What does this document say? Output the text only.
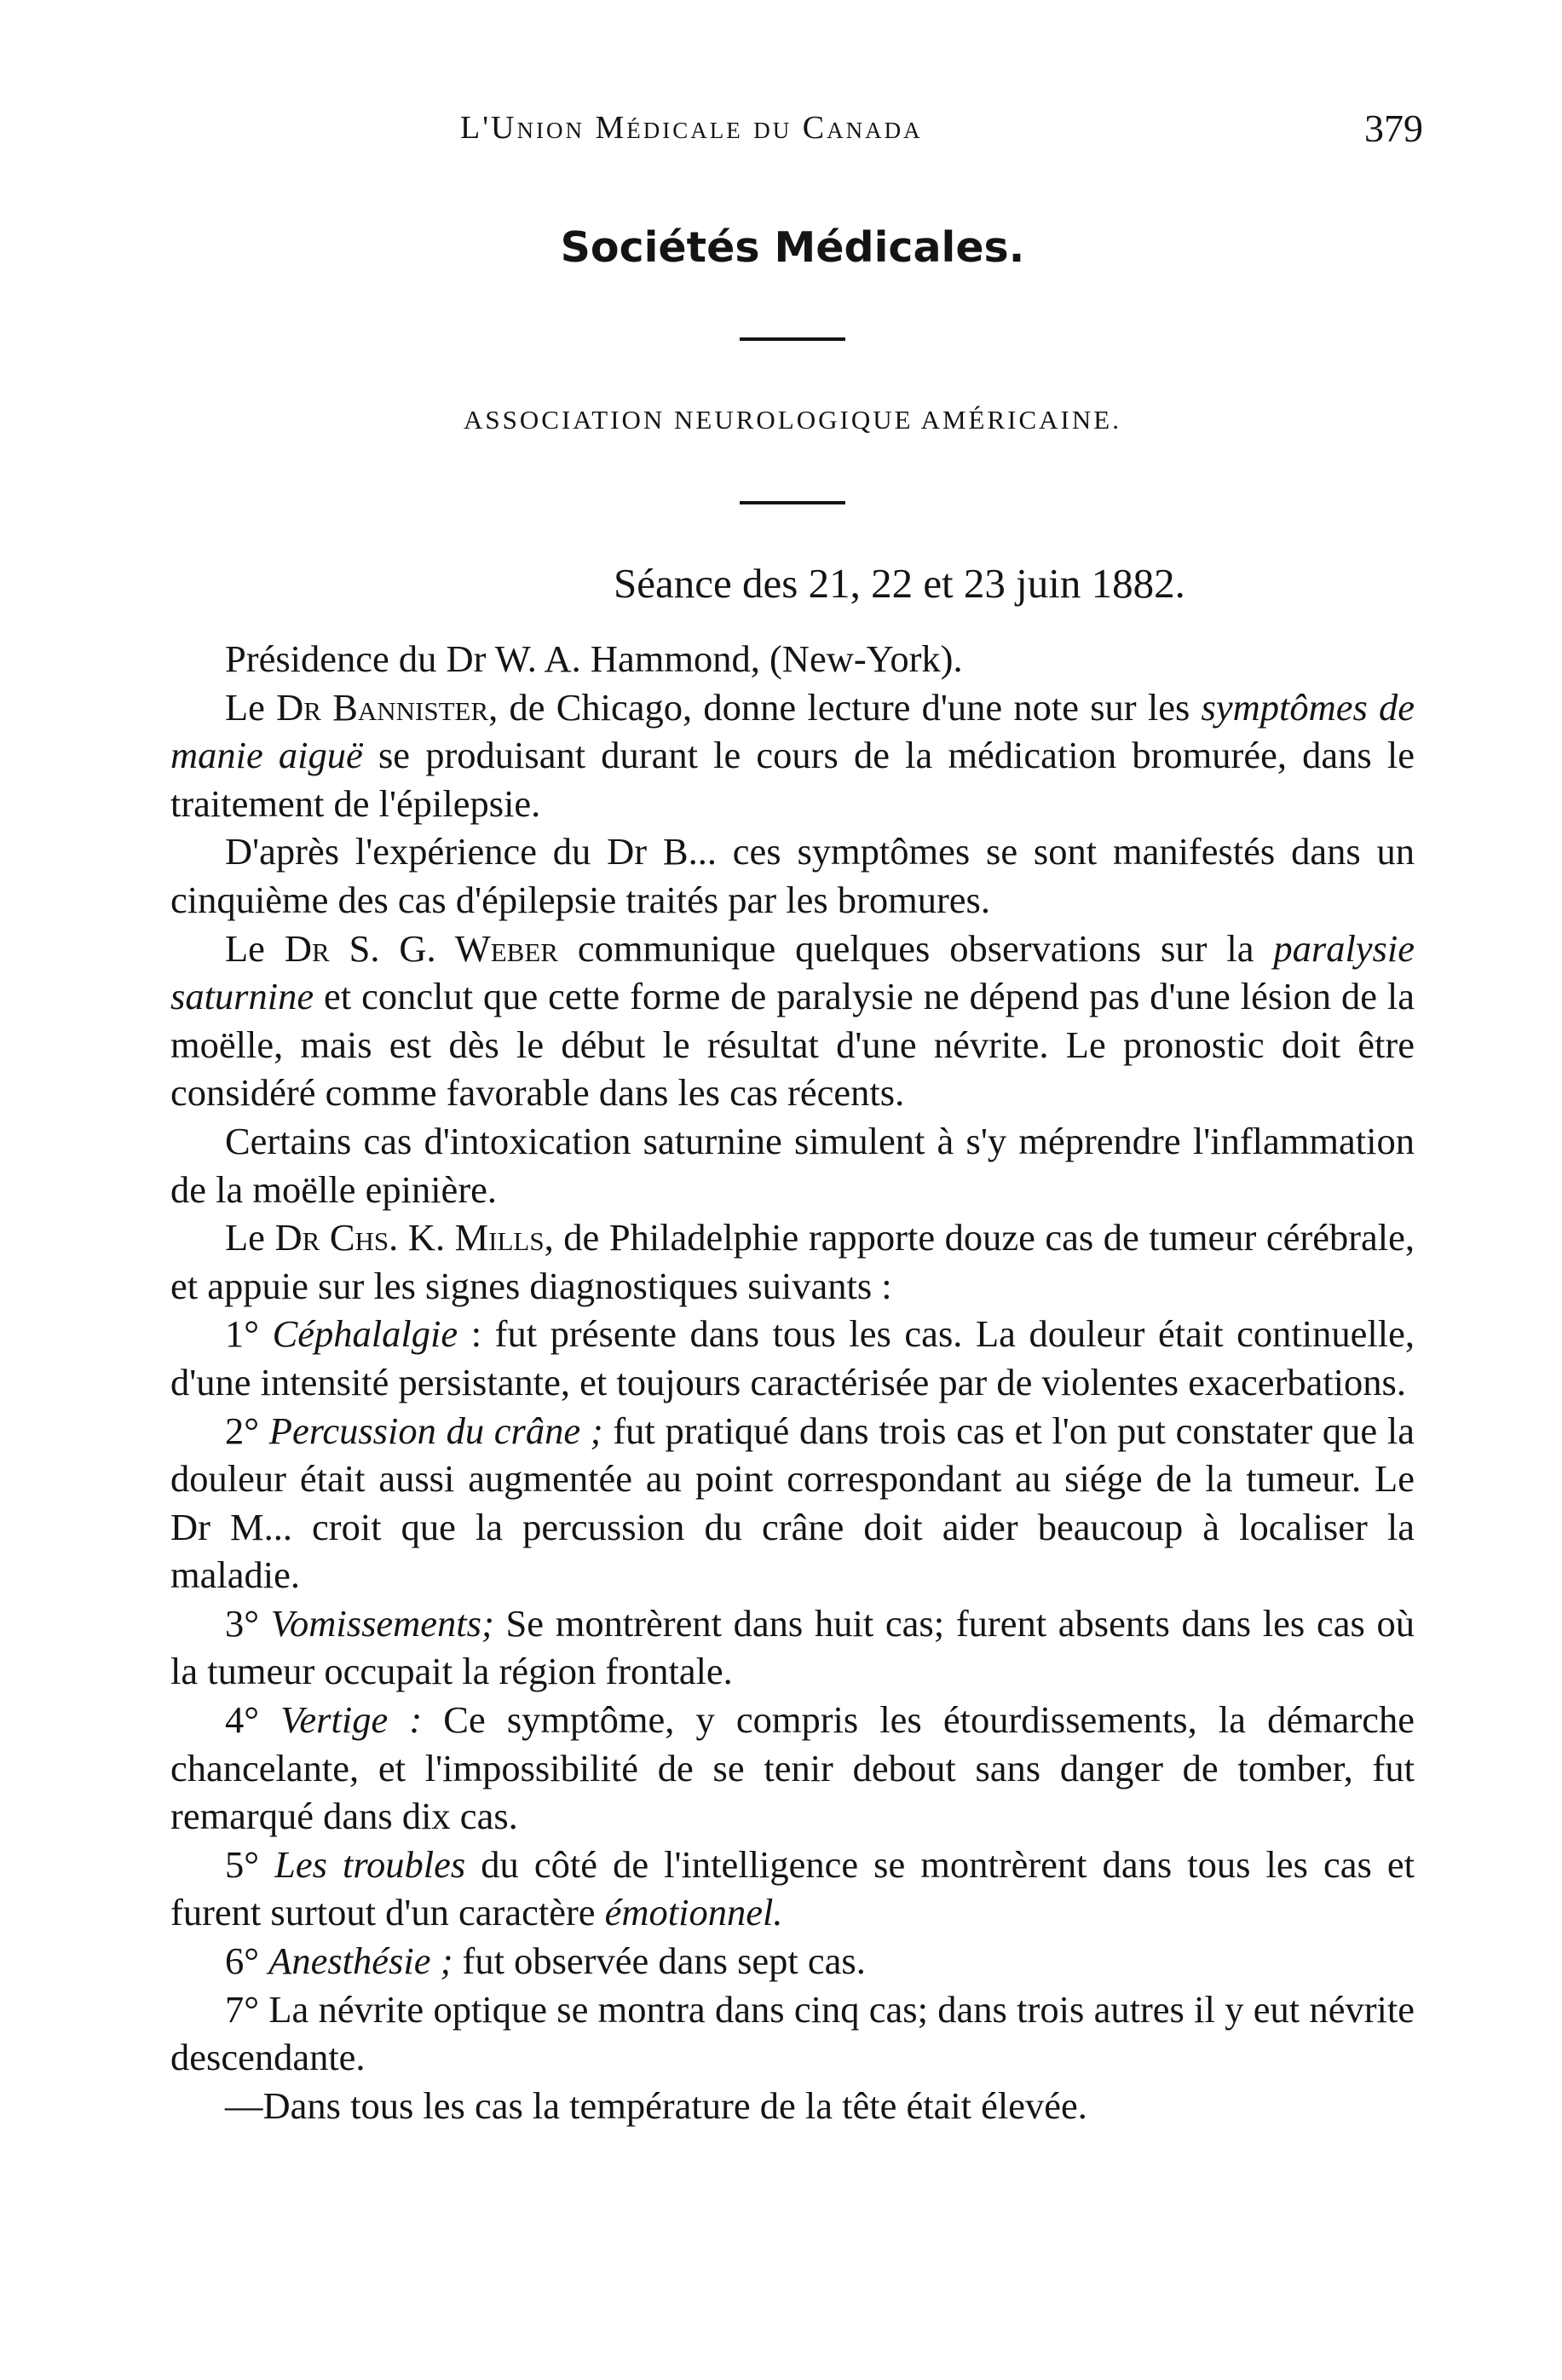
L'Union Médicale du Canada	379
Sociétés Médicales.
ASSOCIATION NEUROLOGIQUE AMÉRICAINE.
Séance des 21, 22 et 23 juin 1882.

Présidence du Dr W. A. Hammond, (New-York).

Le Dr Bannister, de Chicago, donne lecture d'une note sur les symptômes de manie aiguë se produisant durant le cours de la médication bromurée, dans le traitement de l'épilepsie.

D'après l'expérience du Dr B... ces symptômes se sont manifestés dans un cinquième des cas d'épilepsie traités par les bromures.

Le Dr S. G. Weber communique quelques observations sur la paralysie saturnine et conclut que cette forme de paralysie ne dépend pas d'une lésion de la moëlle, mais est dès le début le résultat d'une névrite. Le pronostic doit être considéré comme favorable dans les cas récents.

Certains cas d'intoxication saturnine simulent à s'y méprendre l'inflammation de la moëlle epinière.

Le Dr Chs. K. Mills, de Philadelphie rapporte douze cas de tumeur cérébrale, et appuie sur les signes diagnostiques suivants :

1° Céphalalgie : fut présente dans tous les cas. La douleur était continuelle, d'une intensité persistante, et toujours caractérisée par de violentes exacerbations.

2° Percussion du crâne ; fut pratiqué dans trois cas et l'on put constater que la douleur était aussi augmentée au point correspondant au siége de la tumeur. Le Dr M... croit que la percussion du crâne doit aider beaucoup à localiser la maladie.

3° Vomissements; Se montrèrent dans huit cas; furent absents dans les cas où la tumeur occupait la région frontale.

4° Vertige : Ce symptôme, y compris les étourdissements, la démarche chancelante, et l'impossibilité de se tenir debout sans danger de tomber, fut remarqué dans dix cas.

5° Les troubles du côté de l'intelligence se montrèrent dans tous les cas et furent surtout d'un caractère émotionnel.

6° Anesthésie ; fut observée dans sept cas.

7° La névrite optique se montra dans cinq cas; dans trois autres il y eut névrite descendante.

—Dans tous les cas la température de la tête était élevée.
